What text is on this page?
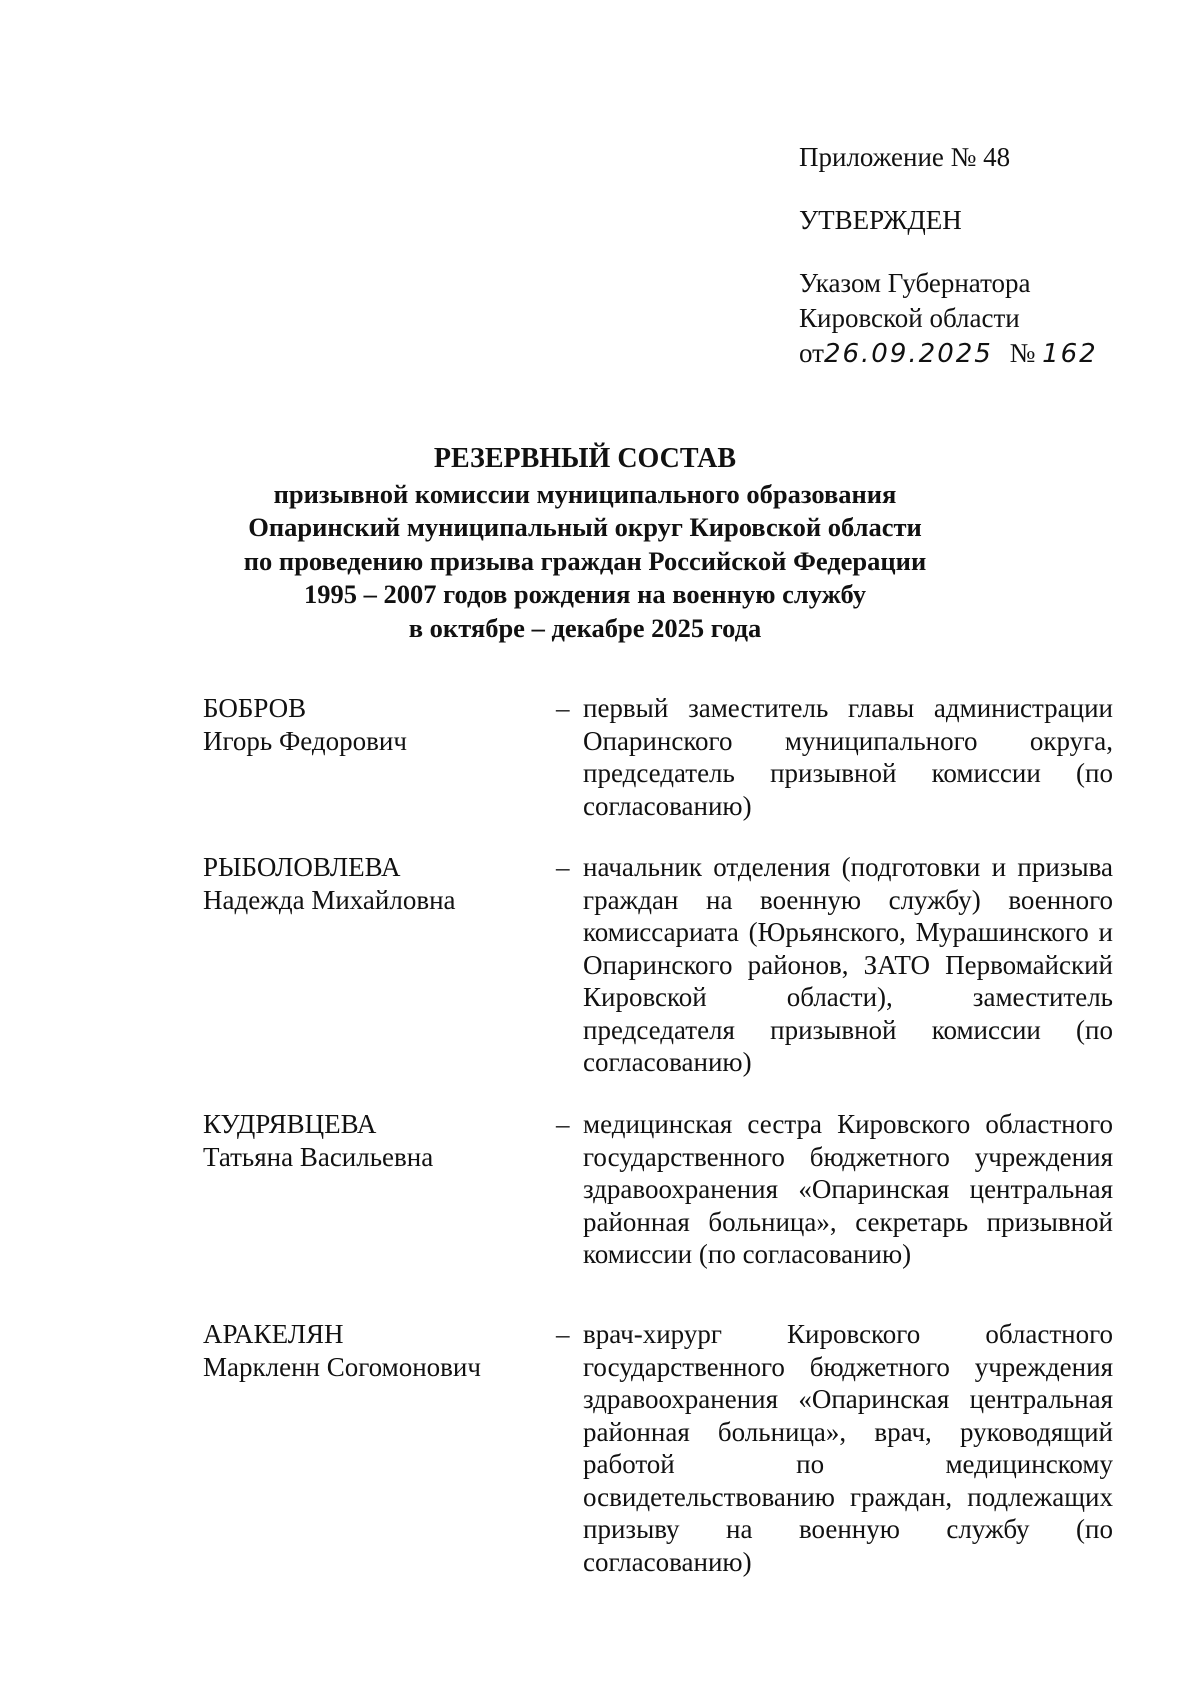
Приложение № 48
УТВЕРЖДЕН
Указом Губернатора
Кировской области
от26.09.2025 № 162
РЕЗЕРВНЫЙ СОСТАВ
призывной комиссии муниципального образования
Опаринский муниципальный округ Кировской области
по проведению призыва граждан Российской Федерации
1995 – 2007 годов рождения на военную службу
в октябре – декабре 2025 года
БОБРОВ
Игорь Федорович
– первый заместитель главы администрации Опаринского муниципального округа, председатель призывной комиссии (по согласованию)
РЫБОЛОВЛЕВА
Надежда Михайловна
– начальник отделения (подготовки и призыва граждан на военную службу) военного комиссариата (Юрьянского, Мурашинского и Опаринского районов, ЗАТО Первомайский Кировской области), заместитель председателя призывной комиссии (по согласованию)
КУДРЯВЦЕВА
Татьяна Васильевна
– медицинская сестра Кировского областного государственного бюджетного учреждения здравоохранения «Опаринская центральная районная больница», секретарь призывной комиссии (по согласованию)
АРАКЕЛЯН
Маркленн Согомонович
– врач-хирург Кировского областного государственного бюджетного учреждения здравоохранения «Опаринская центральная районная больница», врач, руководящий работой по медицинскому освидетельствованию граждан, подлежащих призыву на военную службу (по согласованию)
